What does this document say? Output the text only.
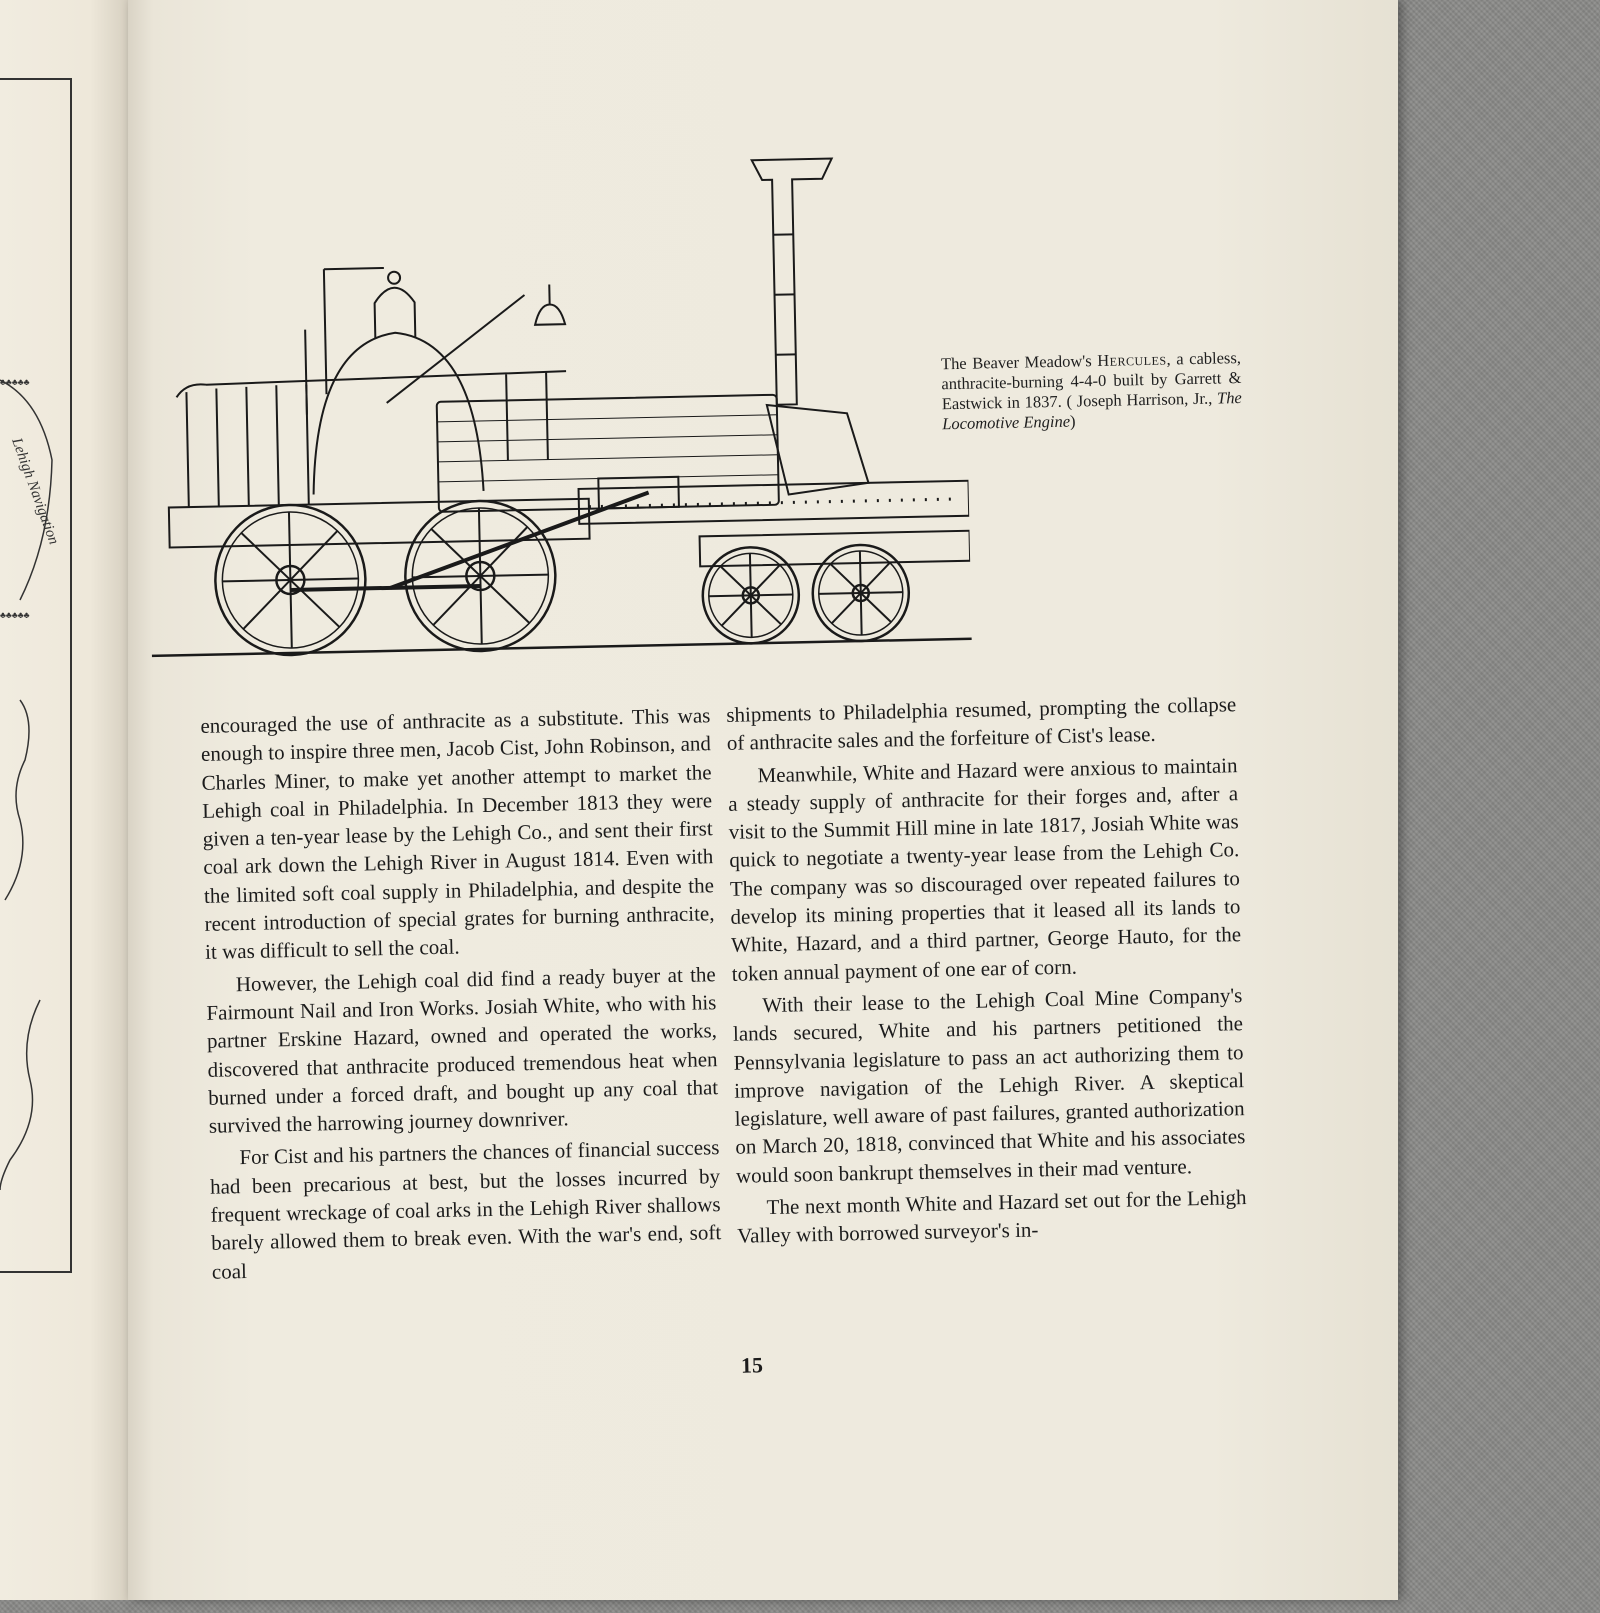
♣♣♣♣♣
♣♣♣♣♣
Lehigh Navigation
The Beaver Meadow's Hercules, a cabless, anthracite-burning 4-4-0 built by Garrett & Eastwick in 1837. ( Joseph Harrison, Jr., The Locomotive Engine)

encouraged the use of anthracite as a substitute. This was enough to inspire three men, Jacob Cist, John Robinson, and Charles Miner, to make yet another attempt to market the Lehigh coal in Philadelphia. In December 1813 they were given a ten-year lease by the Lehigh Co., and sent their first coal ark down the Lehigh River in August 1814. Even with the limited soft coal supply in Philadelphia, and despite the recent introduction of special grates for burning anthracite, it was difficult to sell the coal.

However, the Lehigh coal did find a ready buyer at the Fairmount Nail and Iron Works. Josiah White, who with his partner Erskine Hazard, owned and operated the works, discovered that anthracite produced tremendous heat when burned under a forced draft, and bought up any coal that survived the harrowing journey downriver.

For Cist and his partners the chances of financial success had been precarious at best, but the losses incurred by frequent wreckage of coal arks in the Lehigh River shallows barely allowed them to break even. With the war's end, soft coal

shipments to Philadelphia resumed, prompting the collapse of anthracite sales and the forfeiture of Cist's lease.

Meanwhile, White and Hazard were anxious to maintain a steady supply of anthracite for their forges and, after a visit to the Summit Hill mine in late 1817, Josiah White was quick to negotiate a twenty-year lease from the Lehigh Co. The company was so discouraged over repeated failures to develop its mining properties that it leased all its lands to White, Hazard, and a third partner, George Hauto, for the token annual payment of one ear of corn.

With their lease to the Lehigh Coal Mine Company's lands secured, White and his partners petitioned the Pennsylvania legislature to pass an act authorizing them to improve navigation of the Lehigh River. A skeptical legislature, well aware of past failures, granted authorization on March 20, 1818, convinced that White and his associates would soon bankrupt themselves in their mad venture.

The next month White and Hazard set out for the Lehigh Valley with borrowed surveyor's in-

15
